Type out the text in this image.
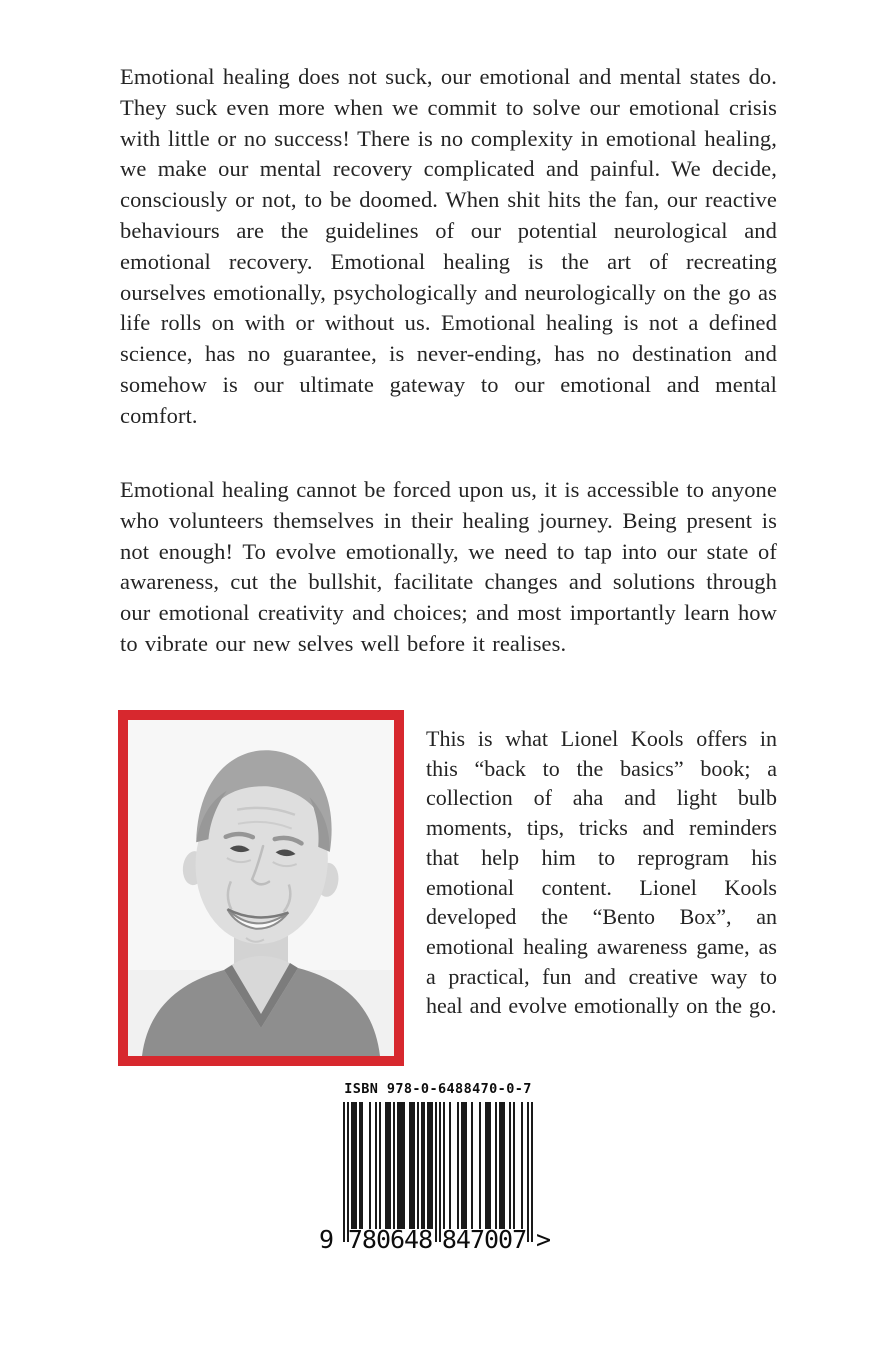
Emotional healing does not suck, our emotional and mental states do. They suck even more when we commit to solve our emotional crisis with little or no success! There is no complexity in emotional healing, we make our mental recovery complicated and painful. We decide, consciously or not, to be doomed. When shit hits the fan, our reactive behaviours are the guidelines of our potential neurological and emotional recovery. Emotional healing is the art of recreating ourselves emotionally, psychologically and neurologically on the go as life rolls on with or without us. Emotional healing is not a defined science, has no guarantee, is never-ending, has no destination and somehow is our ultimate gateway to our emotional and mental comfort.

Emotional healing cannot be forced upon us, it is accessible to anyone who volunteers themselves in their healing journey. Being present is not enough! To evolve emotionally, we need to tap into our state of awareness, cut the bullshit, facilitate changes and solutions through our emotional creativity and choices; and most importantly learn how to vibrate our new selves well before it realises.

This is what Lionel Kools offers in this “back to the basics” book; a collection of aha and light bulb moments, tips, tricks and reminders that help him to reprogram his emotional content. Lionel Kools developed the “Bento Box”, an emotional healing awareness game, as a practical, fun and creative way to heal and evolve emotionally on the go.

ISBN 978-0-6488470-0-7
9 780648 847007 >
